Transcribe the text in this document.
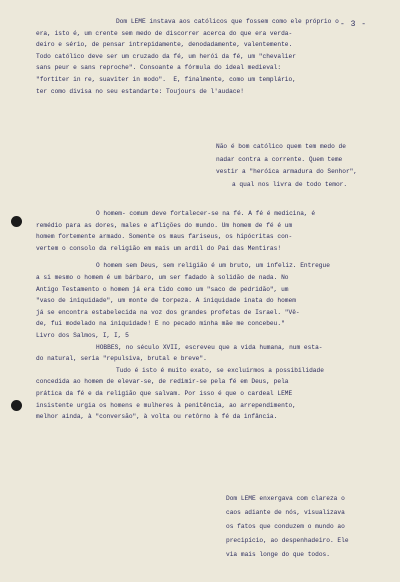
- 3 -
Dom LEME instava aos católicos que fossem como ele próprio o
era, isto é, um crente sem medo de discorrer acerca do que era verda-
deiro e sério, de pensar intrepidamente, denodadamente, valentemente.
Todo católico deve ser um cruzado da fé, um herói da fé, um "chevalier
sans peur e sans reproche". Consoante a fórmula do ideal medieval:
"fortiter in re, suaviter in modo".  E, finalmente, como um templário,
ter como divisa no seu estandarte: Toujours de l'audace!
Não é bom católico quem tem medo de
nadar contra a corrente. Quem teme
vestir a "heróica armadura do Senhor",
a qual nos livra de todo temor.
O homem- comum deve fortalecer-se na fé. A fé é medicina, é
remédio para as dores, males e aflições do mundo. Um homem de fé é um
homem fortemente armado. Somente os maus fariseus, os hipócritas con-
vertem o consolo da religião em mais um ardil do Pai das Mentiras!
O homem sem Deus, sem religião é um bruto, um infeliz. Entregue
a si mesmo o homem é um bárbaro, um ser fadado à solidão de nada. No
Antigo Testamento o homem já era tido como um "saco de pedridão", um
"vaso de iniquidade", um monte de torpeza. A iniquidade inata do homem
já se encontra estabelecida na voz dos grandes profetas de Israel. "Vê-
de, fui modelado na iniquidade! E no pecado minha mãe me concebeu."
Livro dos Salmos, I, I, 5
HOBBES, no século XVII, escreveu que a vida humana, num esta-
do natural, seria "repulsiva, brutal e breve".
Tudo é isto é muito exato, se excluirmos a possibilidade
concedida ao homem de elevar-se, de redimir-se pela fé em Deus, pela
prática da fé e da religião que salvam. Por isso é que o cardeal LEME
insistente urgia os homens e mulheres à penitência, ao arrependimento,
melhor ainda, à "conversão", à volta ou retôrno à fé da infância.
Dom LEME enxergava com clareza o
caos adiante de nós, visualizava
os fatos que conduzem o mundo ao
precipício, ao despenhadeiro. Ele
via mais longe do que todos.
